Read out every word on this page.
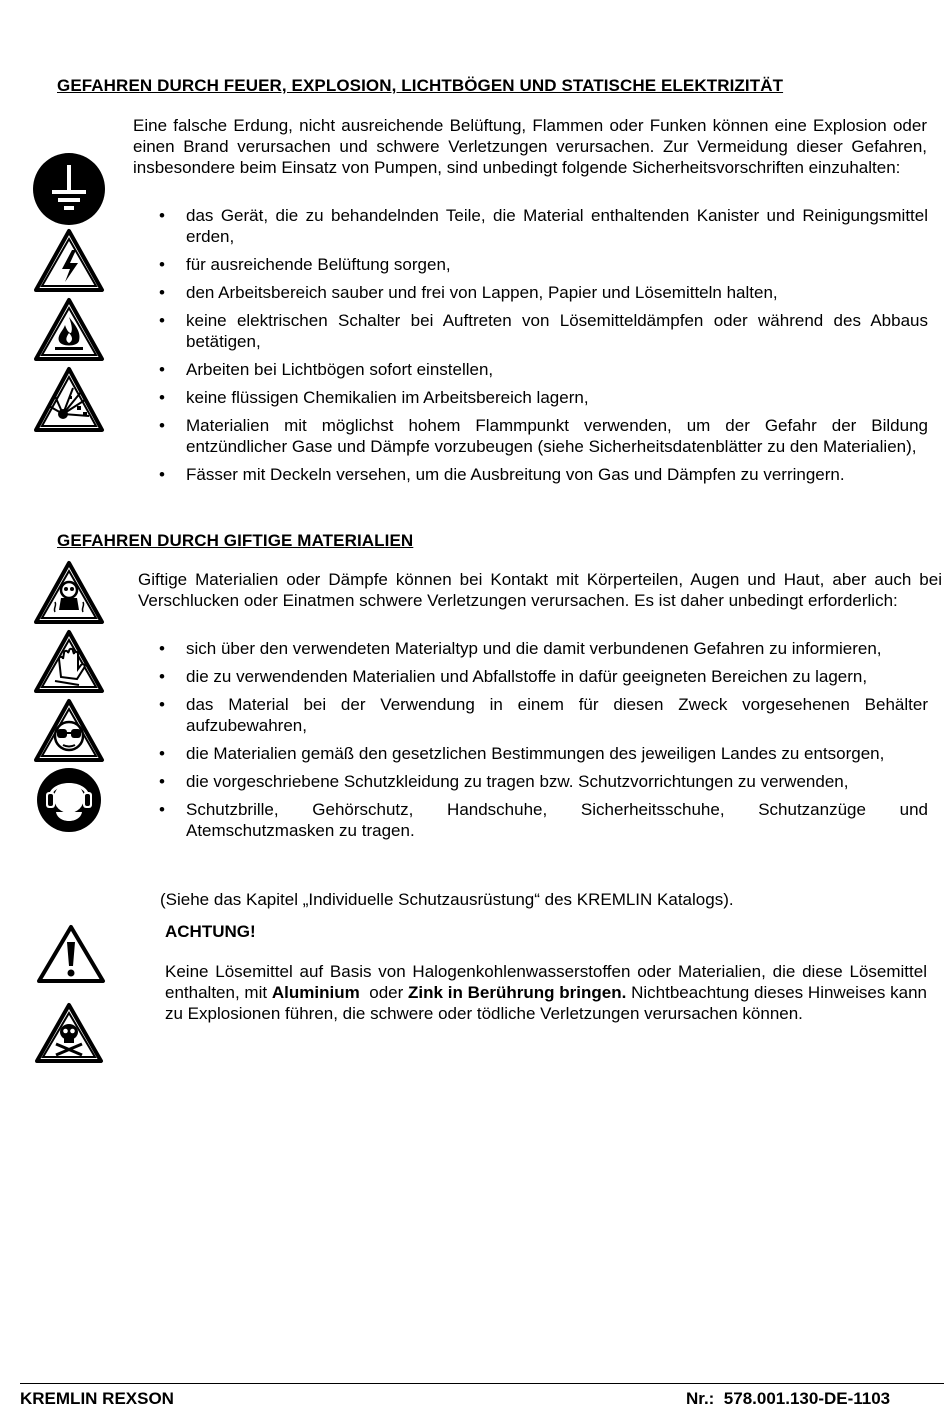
GEFAHREN DURCH FEUER, EXPLOSION, LICHTBÖGEN UND STATISCHE ELEKTRIZITÄT

Eine falsche Erdung, nicht ausreichende Belüftung, Flammen oder Funken können eine Explosion oder einen Brand verursachen und schwere Verletzungen verursachen. Zur Vermeidung dieser Gefahren, insbesondere beim Einsatz von Pumpen, sind unbedingt folgende Sicherheitsvorschriften einzuhalten:

• das Gerät, die zu behandelnden Teile, die Material enthaltenden Kanister und Reinigungsmittel erden,
• für ausreichende Belüftung sorgen,
• den Arbeitsbereich sauber und frei von Lappen, Papier und Lösemitteln halten,
• keine elektrischen Schalter bei Auftreten von Lösemitteldämpfen oder während des Abbaus betätigen,
• Arbeiten bei Lichtbögen sofort einstellen,
• keine flüssigen Chemikalien im Arbeitsbereich lagern,
• Materialien mit möglichst hohem Flammpunkt verwenden, um der Gefahr der Bildung entzündlicher Gase und Dämpfe vorzubeugen (siehe Sicherheitsdatenblätter zu den Materialien),
• Fässer mit Deckeln versehen, um die Ausbreitung von Gas und Dämpfen zu verringern.
GEFAHREN DURCH GIFTIGE MATERIALIEN

Giftige Materialien oder Dämpfe können bei Kontakt mit Körperteilen, Augen und Haut, aber auch bei Verschlucken oder Einatmen schwere Verletzungen verursachen. Es ist daher unbedingt erforderlich:

• sich über den verwendeten Materialtyp und die damit verbundenen Gefahren zu informieren,
• die zu verwendenden Materialien und Abfallstoffe in dafür geeigneten Bereichen zu lagern,
• das Material bei der Verwendung in einem für diesen Zweck vorgesehenen Behälter aufzubewahren,
• die Materialien gemäß den gesetzlichen Bestimmungen des jeweiligen Landes zu entsorgen,
• die vorgeschriebene Schutzkleidung zu tragen bzw. Schutzvorrichtungen zu verwenden,
• Schutzbrille, Gehörschutz, Handschuhe, Sicherheitsschuhe, Schutzanzüge und Atemschutzmasken zu tragen.

(Siehe das Kapitel „Individuelle Schutzausrüstung“ des KREMLIN Katalogs).

ACHTUNG!

Keine Lösemittel auf Basis von Halogenkohlenwasserstoffen oder Materialien, die diese Lösemittel enthalten, mit Aluminium  oder Zink in Berührung bringen. Nichtbeachtung dieses Hinweises kann zu Explosionen führen, die schwere oder tödliche Verletzungen verursachen können.

KREMLIN REXSON	Nr.:  578.001.130-DE-1103
